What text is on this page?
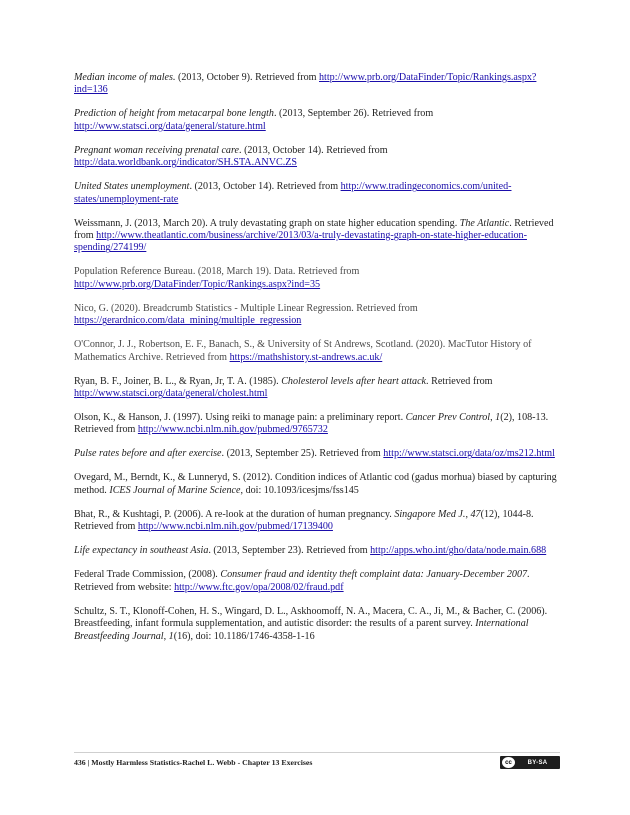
Median income of males. (2013, October 9). Retrieved from http://www.prb.org/DataFinder/Topic/Rankings.aspx?ind=136

Prediction of height from metacarpal bone length. (2013, September 26). Retrieved from http://www.statsci.org/data/general/stature.html

Pregnant woman receiving prenatal care. (2013, October 14). Retrieved from http://data.worldbank.org/indicator/SH.STA.ANVC.ZS

United States unemployment. (2013, October 14). Retrieved from http://www.tradingeconomics.com/united-states/unemployment-rate

Weissmann, J. (2013, March 20). A truly devastating graph on state higher education spending. The Atlantic. Retrieved from http://www.theatlantic.com/business/archive/2013/03/a-truly-devastating-graph-on-state-higher-education-spending/274199/

Population Reference Bureau. (2018, March 19). Data. Retrieved from http://www.prb.org/DataFinder/Topic/Rankings.aspx?ind=35

Nico, G. (2020). Breadcrumb Statistics - Multiple Linear Regression. Retrieved from https://gerardnico.com/data_mining/multiple_regression

O'Connor, J. J., Robertson, E. F., Banach, S., & University of St Andrews, Scotland. (2020). MacTutor History of Mathematics Archive. Retrieved from https://mathshistory.st-andrews.ac.uk/

Ryan, B. F., Joiner, B. L., & Ryan, Jr, T. A. (1985). Cholesterol levels after heart attack. Retrieved from http://www.statsci.org/data/general/cholest.html

Olson, K., & Hanson, J. (1997). Using reiki to manage pain: a preliminary report. Cancer Prev Control, 1(2), 108-13. Retrieved from http://www.ncbi.nlm.nih.gov/pubmed/9765732

Pulse rates before and after exercise. (2013, September 25). Retrieved from http://www.statsci.org/data/oz/ms212.html

Ovegard, M., Berndt, K., & Lunneryd, S. (2012). Condition indices of Atlantic cod (gadus morhua) biased by capturing method. ICES Journal of Marine Science, doi: 10.1093/icesjms/fss145

Bhat, R., & Kushtagi, P. (2006). A re-look at the duration of human pregnancy. Singapore Med J., 47(12), 1044-8. Retrieved from http://www.ncbi.nlm.nih.gov/pubmed/17139400

Life expectancy in southeast Asia. (2013, September 23). Retrieved from http://apps.who.int/gho/data/node.main.688

Federal Trade Commission, (2008). Consumer fraud and identity theft complaint data: January-December 2007. Retrieved from website: http://www.ftc.gov/opa/2008/02/fraud.pdf

Schultz, S. T., Klonoff-Cohen, H. S., Wingard, D. L., Askhoomoff, N. A., Macera, C. A., Ji, M., & Bacher, C. (2006). Breastfeeding, infant formula supplementation, and autistic disorder: the results of a parent survey. International Breastfeeding Journal, 1(16), doi: 10.1186/1746-4358-1-16

436 | Mostly Harmless Statistics-Rachel L. Webb - Chapter 13 Exercises	cc	BY-SA
